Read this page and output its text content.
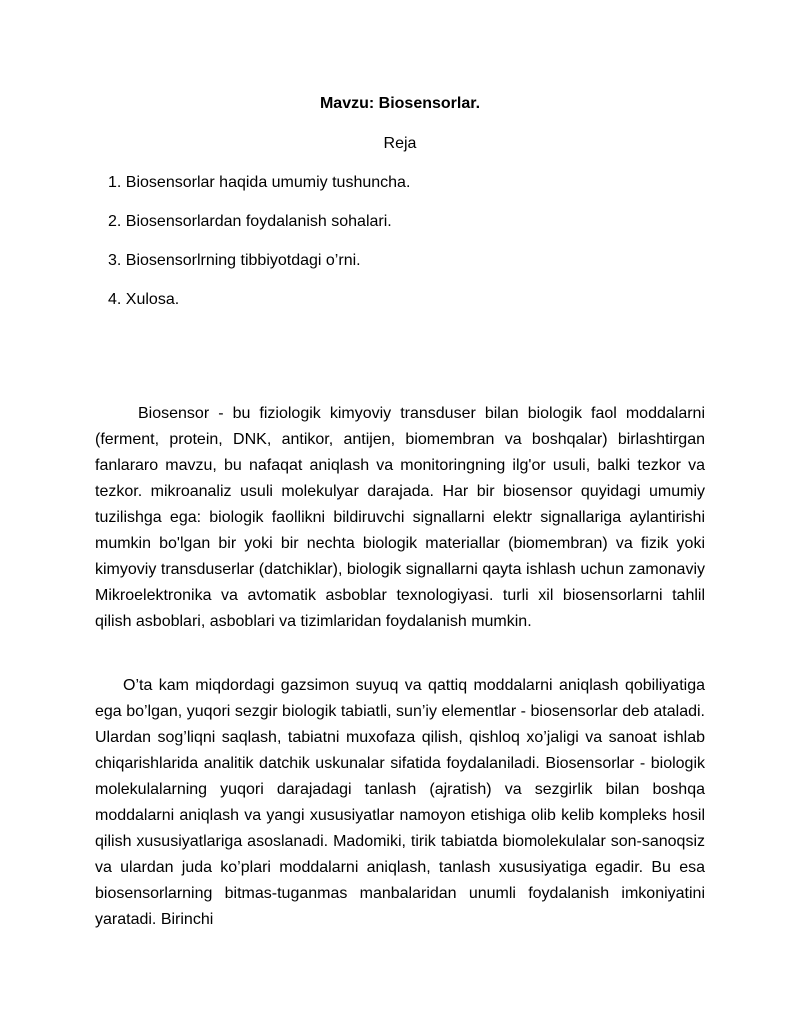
Mavzu: Biosensorlar.

Reja

1. Biosensorlar haqida umumiy tushuncha.
2. Biosensorlardan foydalanish sohalari.
3. Biosensorlrning tibbiyotdagi o’rni.
4. Xulosa.

Biosensor - bu fiziologik kimyoviy transduser bilan biologik faol moddalarni (ferment, protein, DNK, antikor, antijen, biomembran va boshqalar) birlashtirgan fanlararo mavzu, bu nafaqat aniqlash va monitoringning ilg'or usuli, balki tezkor va tezkor. mikroanaliz usuli molekulyar darajada. Har bir biosensor quyidagi umumiy tuzilishga ega: biologik faollikni bildiruvchi signallarni elektr signallariga aylantirishi mumkin bo'lgan bir yoki bir nechta biologik materiallar (biomembran) va fizik yoki kimyoviy transduserlar (datchiklar), biologik signallarni qayta ishlash uchun zamonaviy Mikroelektronika va avtomatik asboblar texnologiyasi. turli xil biosensorlarni tahlil qilish asboblari, asboblari va tizimlaridan foydalanish mumkin.

O’ta kam miqdordagi gazsimon suyuq va qattiq moddalarni aniqlash qobiliyatiga ega bo’lgan, yuqori sezgir biologik tabiatli, sun’iy elementlar - biosensorlar deb ataladi. Ulardan sog’liqni saqlash, tabiatni muxofaza qilish, qishloq xo’jaligi va sanoat ishlab chiqarishlarida analitik datchik uskunalar sifatida foydalaniladi. Biosensorlar - biologik molekulalarning yuqori darajadagi tanlash (ajratish) va sezgirlik bilan boshqa moddalarni aniqlash va yangi xususiyatlar namoyon etishiga olib kelib kompleks hosil qilish xususiyatlariga asoslanadi. Madomiki, tirik tabiatda biomolekulalar son-sanoqsiz va ulardan juda ko’plari moddalarni aniqlash, tanlash xususiyatiga egadir. Bu esa biosensorlarning bitmas-tuganmas manbalaridan unumli foydalanish imkoniyatini yaratadi. Birinchi
